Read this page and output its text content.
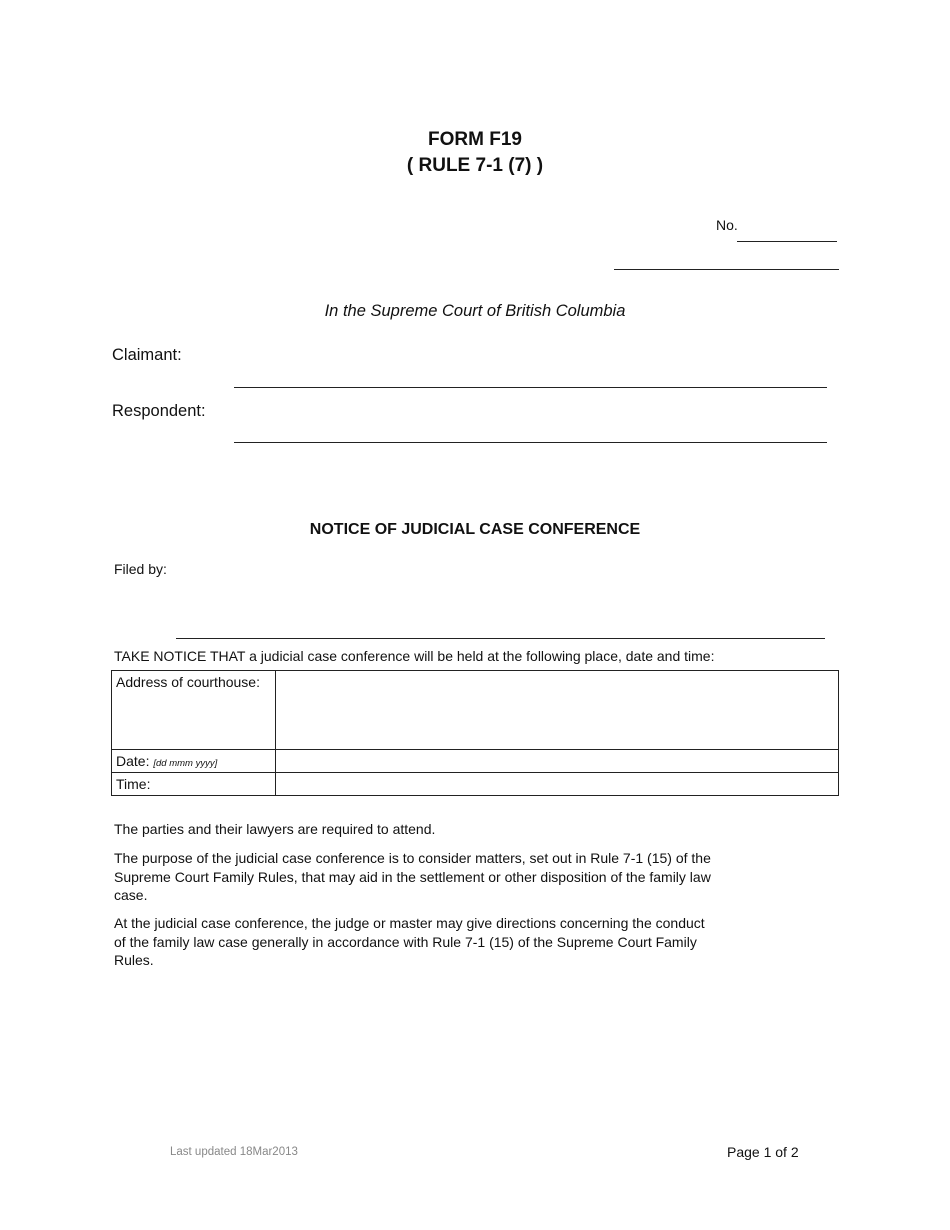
FORM F19
( RULE 7-1 (7) )
No.
In the Supreme Court of British Columbia
Claimant:
Respondent:
NOTICE OF JUDICIAL CASE CONFERENCE
Filed by:
TAKE NOTICE THAT a judicial case conference will be held at the following place, date and time:
Address of courthouse:	
Date: [dd mmm yyyy]	
Time:	
The parties and their lawyers are required to attend.
The purpose of the judicial case conference is to consider matters, set out in Rule 7-1 (15) of the Supreme Court Family Rules, that may aid in the settlement or other disposition of the family law case.
At the judicial case conference, the judge or master may give directions concerning the conduct of the family law case generally in accordance with Rule 7-1 (15) of the Supreme Court Family Rules.
Last updated 18Mar2013	Page 1 of 2
